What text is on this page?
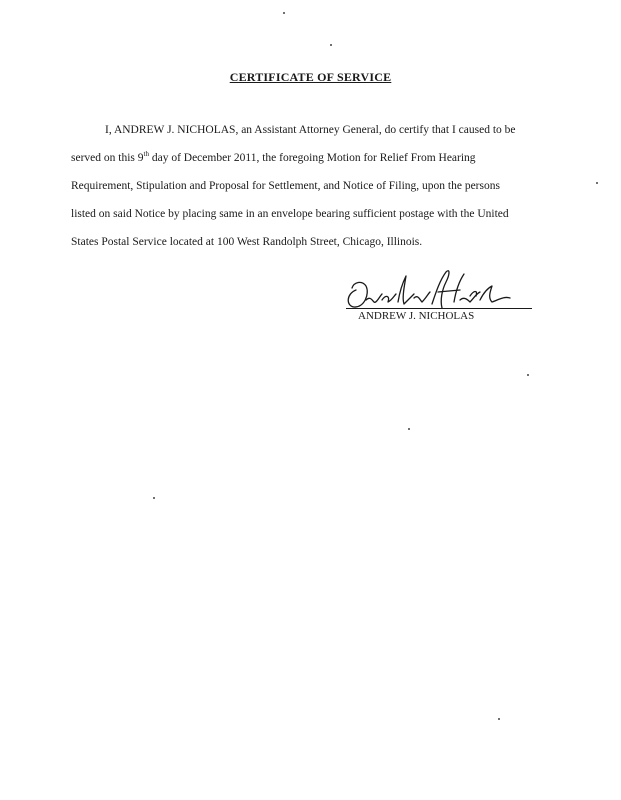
CERTIFICATE OF SERVICE
I, ANDREW J. NICHOLAS, an Assistant Attorney General, do certify that I caused to be
served on this 9th day of December 2011, the foregoing Motion for Relief From Hearing
Requirement, Stipulation and Proposal for Settlement, and Notice of Filing, upon the persons
listed on said Notice by placing same in an envelope bearing sufficient postage with the United
States Postal Service located at 100 West Randolph Street, Chicago, Illinois.
ANDREW J. NICHOLAS
